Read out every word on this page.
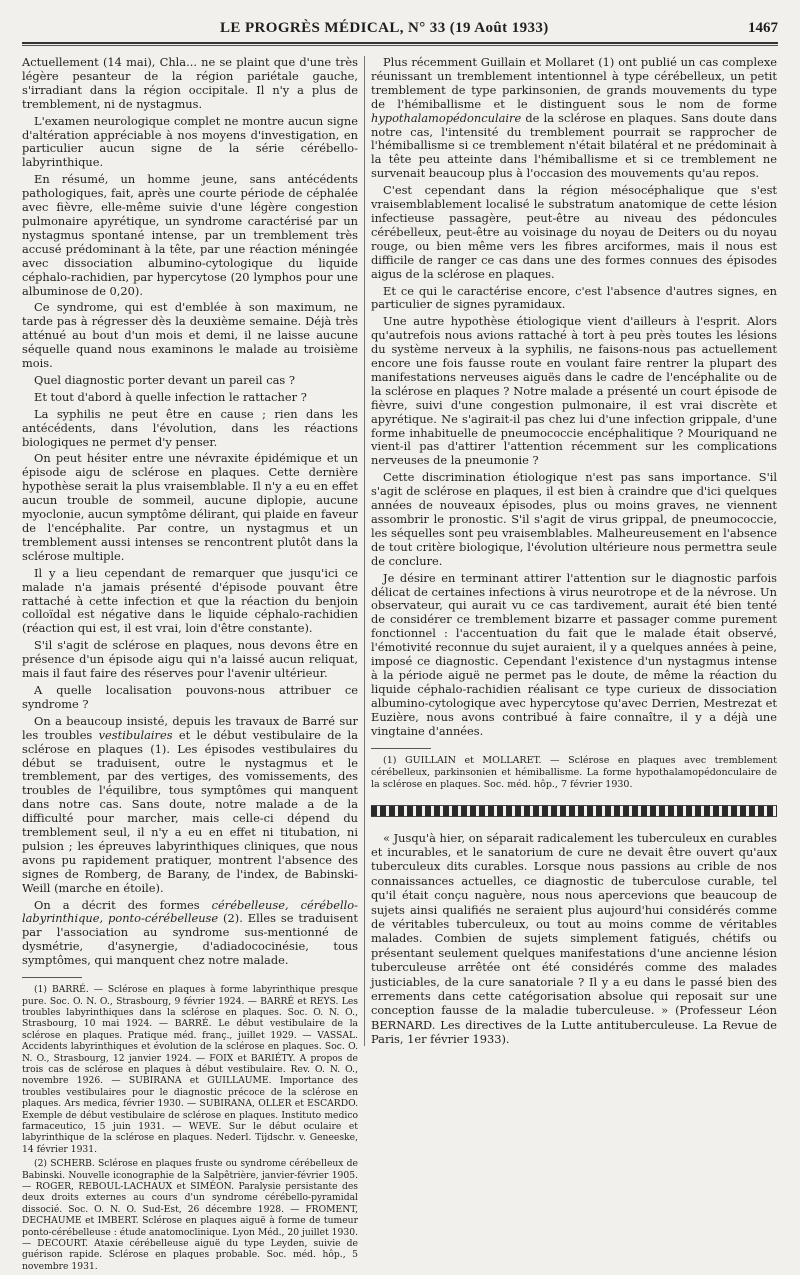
LE PROGRÈS MÉDICAL, N° 33 (19 Août 1933)	1467

Actuellement (14 mai), Chla... ne se plaint que d'une très légère pesanteur de la région pariétale gauche, s'irradiant dans la région occipitale. Il n'y a plus de tremblement, ni de nystagmus.

L'examen neurologique complet ne montre aucun signe d'altération appréciable à nos moyens d'investigation, en particulier aucun signe de la série cérébello-labyrinthique.

En résumé, un homme jeune, sans antécédents pathologiques, fait, après une courte période de céphalée avec fièvre, elle-même suivie d'une légère congestion pulmonaire apyrétique, un syndrome caractérisé par un nystagmus spontané intense, par un tremblement très accusé prédominant à la tête, par une réaction méningée avec dissociation albumino-cytologique du liquide céphalo-rachidien, par hypercytose (20 lymphos pour une albuminose de 0,20).

Ce syndrome, qui est d'emblée à son maximum, ne tarde pas à régresser dès la deuxième semaine. Déjà très atténué au bout d'un mois et demi, il ne laisse aucune séquelle quand nous examinons le malade au troisième mois.

Quel diagnostic porter devant un pareil cas ?

Et tout d'abord à quelle infection le rattacher ?

La syphilis ne peut être en cause ; rien dans les antécédents, dans l'évolution, dans les réactions biologiques ne permet d'y penser.

On peut hésiter entre une névraxite épidémique et un épisode aigu de sclérose en plaques. Cette dernière hypothèse serait la plus vraisemblable. Il n'y a eu en effet aucun trouble de sommeil, aucune diplopie, aucune myoclonie, aucun symptôme délirant, qui plaide en faveur de l'encéphalite. Par contre, un nystagmus et un tremblement aussi intenses se rencontrent plutôt dans la sclérose multiple.

Il y a lieu cependant de remarquer que jusqu'ici ce malade n'a jamais présenté d'épisode pouvant être rattaché à cette infection et que la réaction du benjoin colloïdal est négative dans le liquide céphalo-rachidien (réaction qui est, il est vrai, loin d'être constante).

S'il s'agit de sclérose en plaques, nous devons être en présence d'un épisode aigu qui n'a laissé aucun reliquat, mais il faut faire des réserves pour l'avenir ultérieur.

A quelle localisation pouvons-nous attribuer ce syndrome ?

On a beaucoup insisté, depuis les travaux de Barré sur les troubles vestibulaires et le début vestibulaire de la sclérose en plaques (1). Les épisodes vestibulaires du début se traduisent, outre le nystagmus et le tremblement, par des vertiges, des vomissements, des troubles de l'équilibre, tous symptômes qui manquent dans notre cas. Sans doute, notre malade a de la difficulté pour marcher, mais celle-ci dépend du tremblement seul, il n'y a eu en effet ni titubation, ni pulsion ; les épreuves labyrinthiques cliniques, que nous avons pu rapidement pratiquer, montrent l'absence des signes de Romberg, de Barany, de l'index, de Babinski-Weill (marche en étoile).

On a décrit des formes cérébelleuse, cérébello-labyrinthique, ponto-cérébelleuse (2). Elles se traduisent par l'association au syndrome sus-mentionné de dysmétrie, d'asynergie, d'adiadococinésie, tous symptômes, qui manquent chez notre malade.

(1) BARRÉ. — Sclérose en plaques à forme labyrinthique presque pure. Soc. O. N. O., Strasbourg, 9 février 1924. — BARRÉ et REYS. Les troubles labyrinthiques dans la sclérose en plaques. Soc. O. N. O., Strasbourg, 10 mai 1924. — BARRÉ. Le début vestibulaire de la sclérose en plaques. Pratique méd. franç., juillet 1929. — VASSAL. Accidents labyrinthiques et évolution de la sclérose en plaques. Soc. O. N. O., Strasbourg, 12 janvier 1924. — FOIX et BARIÉTY. A propos de trois cas de sclérose en plaques à début vestibulaire. Rev. O. N. O., novembre 1926. — SUBIRANA et GUILLAUME. Importance des troubles vestibulaires pour le diagnostic précoce de la sclérose en plaques. Ars medica, février 1930. — SUBIRANA, OLLER et ESCARDO. Exemple de début vestibulaire de sclérose en plaques. Instituto medico farmaceutico, 15 juin 1931. — WEVE. Sur le début oculaire et labyrinthique de la sclérose en plaques. Nederl. Tijdschr. v. Geneeske, 14 février 1931.

(2) SCHERB. Sclérose en plaques fruste ou syndrome cérébelleux de Babinski. Nouvelle iconographie de la Salpêtrière, janvier-février 1905. — ROGER, REBOUL-LACHAUX et SIMÉON. Paralysie persistante des deux droits externes au cours d'un syndrome cérébello-pyramidal dissocié. Soc. O. N. O. Sud-Est, 26 décembre 1928. — FROMENT, DECHAUME et IMBERT. Sclérose en plaques aiguë à forme de tumeur ponto-cérébelleuse : étude anatomoclinique. Lyon Méd., 20 juillet 1930. — DECOURT. Ataxie cérébelleuse aiguë du type Leyden, suivie de guérison rapide. Sclérose en plaques probable. Soc. méd. hôp., 5 novembre 1931.

Plus récemment Guillain et Mollaret (1) ont publié un cas complexe réunissant un tremblement intentionnel à type cérébelleux, un petit tremblement de type parkinsonien, de grands mouvements du type de l'hémiballisme et le distinguent sous le nom de forme hypothalamopédonculaire de la sclérose en plaques. Sans doute dans notre cas, l'intensité du tremblement pourrait se rapprocher de l'hémiballisme si ce tremblement n'était bilatéral et ne prédominait à la tête peu atteinte dans l'hémiballisme et si ce tremblement ne survenait beaucoup plus à l'occasion des mouvements qu'au repos.

C'est cependant dans la région mésocéphalique que s'est vraisemblablement localisé le substratum anatomique de cette lésion infectieuse passagère, peut-être au niveau des pédoncules cérébelleux, peut-être au voisinage du noyau de Deiters ou du noyau rouge, ou bien même vers les fibres arciformes, mais il nous est difficile de ranger ce cas dans une des formes connues des épisodes aigus de la sclérose en plaques.

Et ce qui le caractérise encore, c'est l'absence d'autres signes, en particulier de signes pyramidaux.

Une autre hypothèse étiologique vient d'ailleurs à l'esprit. Alors qu'autrefois nous avions rattaché à tort à peu près toutes les lésions du système nerveux à la syphilis, ne faisons-nous pas actuellement encore une fois fausse route en voulant faire rentrer la plupart des manifestations nerveuses aiguës dans le cadre de l'encéphalite ou de la sclérose en plaques ? Notre malade a présenté un court épisode de fièvre, suivi d'une congestion pulmonaire, il est vrai discrète et apyrétique. Ne s'agirait-il pas chez lui d'une infection grippale, d'une forme inhabituelle de pneumococcie encéphalitique ? Mouriquand ne vient-il pas d'attirer l'attention récemment sur les complications nerveuses de la pneumonie ?

Cette discrimination étiologique n'est pas sans importance. S'il s'agit de sclérose en plaques, il est bien à craindre que d'ici quelques années de nouveaux épisodes, plus ou moins graves, ne viennent assombrir le pronostic. S'il s'agit de virus grippal, de pneumococcie, les séquelles sont peu vraisemblables. Malheureusement en l'absence de tout critère biologique, l'évolution ultérieure nous permettra seule de conclure.

Je désire en terminant attirer l'attention sur le diagnostic parfois délicat de certaines infections à virus neurotrope et de la névrose. Un observateur, qui aurait vu ce cas tardivement, aurait été bien tenté de considérer ce tremblement bizarre et passager comme purement fonctionnel : l'accentuation du fait que le malade était observé, l'émotivité reconnue du sujet auraient, il y a quelques années à peine, imposé ce diagnostic. Cependant l'existence d'un nystagmus intense à la période aiguë ne permet pas le doute, de même la réaction du liquide céphalo-rachidien réalisant ce type curieux de dissociation albumino-cytologique avec hypercytose qu'avec Derrien, Mestrezat et Euzière, nous avons contribué à faire connaître, il y a déjà une vingtaine d'années.

(1) GUILLAIN et MOLLARET. — Sclérose en plaques avec tremblement cérébelleux, parkinsonien et hémiballisme. La forme hypothalamopédonculaire de la sclérose en plaques. Soc. méd. hôp., 7 février 1930.

« Jusqu'à hier, on séparait radicalement les tuberculeux en curables et incurables, et le sanatorium de cure ne devait être ouvert qu'aux tuberculeux dits curables. Lorsque nous passions au crible de nos connaissances actuelles, ce diagnostic de tuberculose curable, tel qu'il était conçu naguère, nous nous apercevions que beaucoup de sujets ainsi qualifiés ne seraient plus aujourd'hui considérés comme de véritables tuberculeux, ou tout au moins comme de véritables malades. Combien de sujets simplement fatigués, chétifs ou présentant seulement quelques manifestations d'une ancienne lésion tuberculeuse arrêtée ont été considérés comme des malades justiciables, de la cure sanatoriale ? Il y a eu dans le passé bien des errements dans cette catégorisation absolue qui reposait sur une conception fausse de la maladie tuberculeuse. » (Professeur Léon BERNARD. Les directives de la Lutte antituberculeuse. La Revue de Paris, 1er février 1933).
